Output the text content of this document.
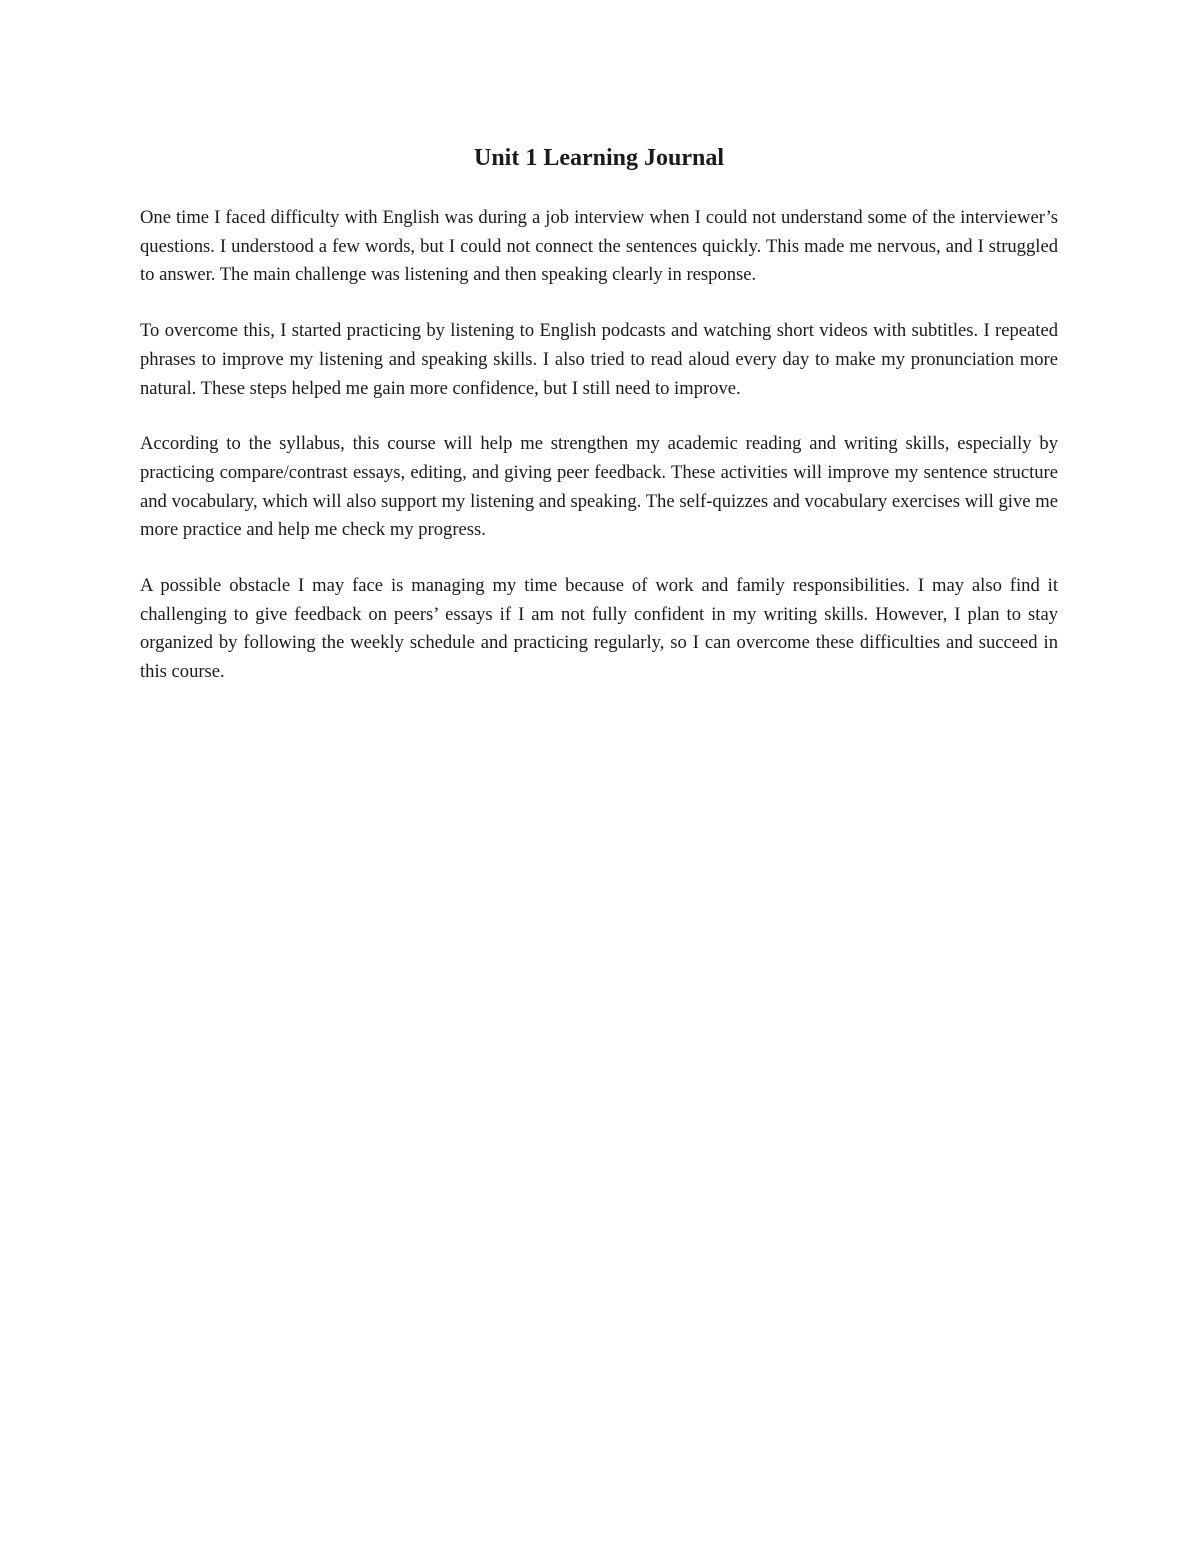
Unit 1 Learning Journal

One time I faced difficulty with English was during a job interview when I could not understand some of the interviewer’s questions. I understood a few words, but I could not connect the sentences quickly. This made me nervous, and I struggled to answer. The main challenge was listening and then speaking clearly in response.

To overcome this, I started practicing by listening to English podcasts and watching short videos with subtitles. I repeated phrases to improve my listening and speaking skills. I also tried to read aloud every day to make my pronunciation more natural. These steps helped me gain more confidence, but I still need to improve.

According to the syllabus, this course will help me strengthen my academic reading and writing skills, especially by practicing compare/contrast essays, editing, and giving peer feedback. These activities will improve my sentence structure and vocabulary, which will also support my listening and speaking. The self-quizzes and vocabulary exercises will give me more practice and help me check my progress.

A possible obstacle I may face is managing my time because of work and family responsibilities. I may also find it challenging to give feedback on peers’ essays if I am not fully confident in my writing skills. However, I plan to stay organized by following the weekly schedule and practicing regularly, so I can overcome these difficulties and succeed in this course.
